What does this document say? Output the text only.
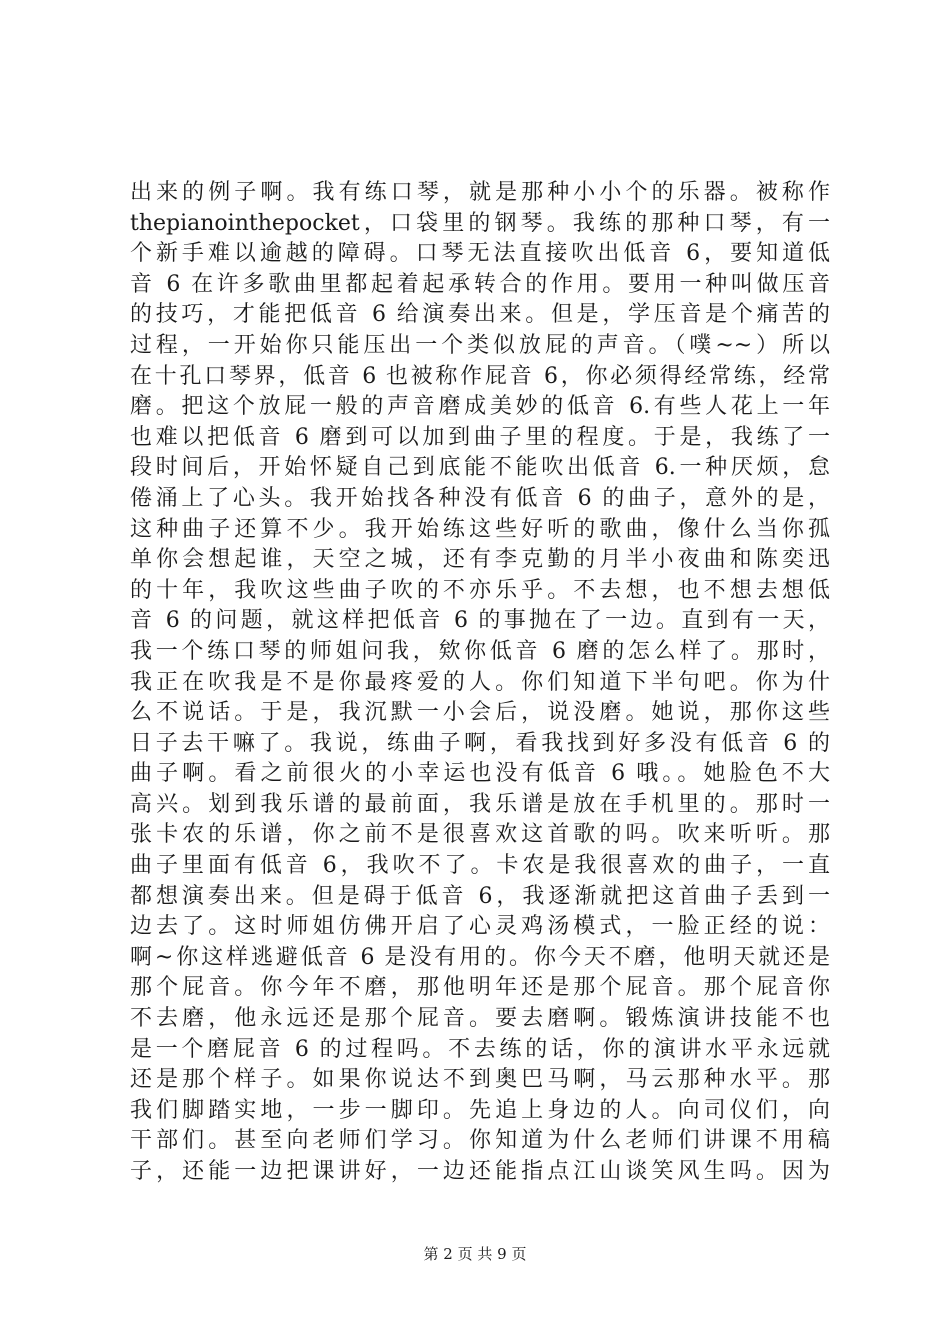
出来的例子啊。我有练口琴，就是那种小小个的乐器。被称作
thepianointhepocket，口袋里的钢琴。我练的那种口琴，有一
个新手难以逾越的障碍。口琴无法直接吹出低音 6，要知道低
音 6 在许多歌曲里都起着起承转合的作用。要用一种叫做压音
的技巧，才能把低音 6 给演奏出来。但是，学压音是个痛苦的
过程，一开始你只能压出一个类似放屁的声音。（噗~~）所以
在十孔口琴界，低音 6 也被称作屁音 6，你必须得经常练，经常
磨。把这个放屁一般的声音磨成美妙的低音 6.有些人花上一年
也难以把低音 6 磨到可以加到曲子里的程度。于是，我练了一
段时间后，开始怀疑自己到底能不能吹出低音 6.一种厌烦，怠
倦涌上了心头。我开始找各种没有低音 6 的曲子，意外的是，
这种曲子还算不少。我开始练这些好听的歌曲，像什么当你孤
单你会想起谁，天空之城，还有李克勤的月半小夜曲和陈奕迅
的十年，我吹这些曲子吹的不亦乐乎。不去想，也不想去想低
音 6 的问题，就这样把低音 6 的事抛在了一边。直到有一天，
我一个练口琴的师姐问我，欸你低音 6 磨的怎么样了。那时，
我正在吹我是不是你最疼爱的人。你们知道下半句吧。你为什
么不说话。于是，我沉默一小会后，说没磨。她说，那你这些
日子去干嘛了。我说，练曲子啊，看我找到好多没有低音 6 的
曲子啊。看之前很火的小幸运也没有低音 6 哦。。她脸色不大
高兴。划到我乐谱的最前面，我乐谱是放在手机里的。那时一
张卡农的乐谱，你之前不是很喜欢这首歌的吗。吹来听听。那
曲子里面有低音 6，我吹不了。卡农是我很喜欢的曲子，一直
都想演奏出来。但是碍于低音 6，我逐渐就把这首曲子丢到一
边去了。这时师姐仿佛开启了心灵鸡汤模式，一脸正经的说：
啊~你这样逃避低音 6 是没有用的。你今天不磨，他明天就还是
那个屁音。你今年不磨，那他明年还是那个屁音。那个屁音你
不去磨，他永远还是那个屁音。要去磨啊。锻炼演讲技能不也
是一个磨屁音 6 的过程吗。不去练的话，你的演讲水平永远就
还是那个样子。如果你说达不到奥巴马啊，马云那种水平。那
我们脚踏实地，一步一脚印。先追上身边的人。向司仪们，向
干部们。甚至向老师们学习。你知道为什么老师们讲课不用稿
子，还能一边把课讲好，一边还能指点江山谈笑风生吗。因为
第 2 页 共 9 页
